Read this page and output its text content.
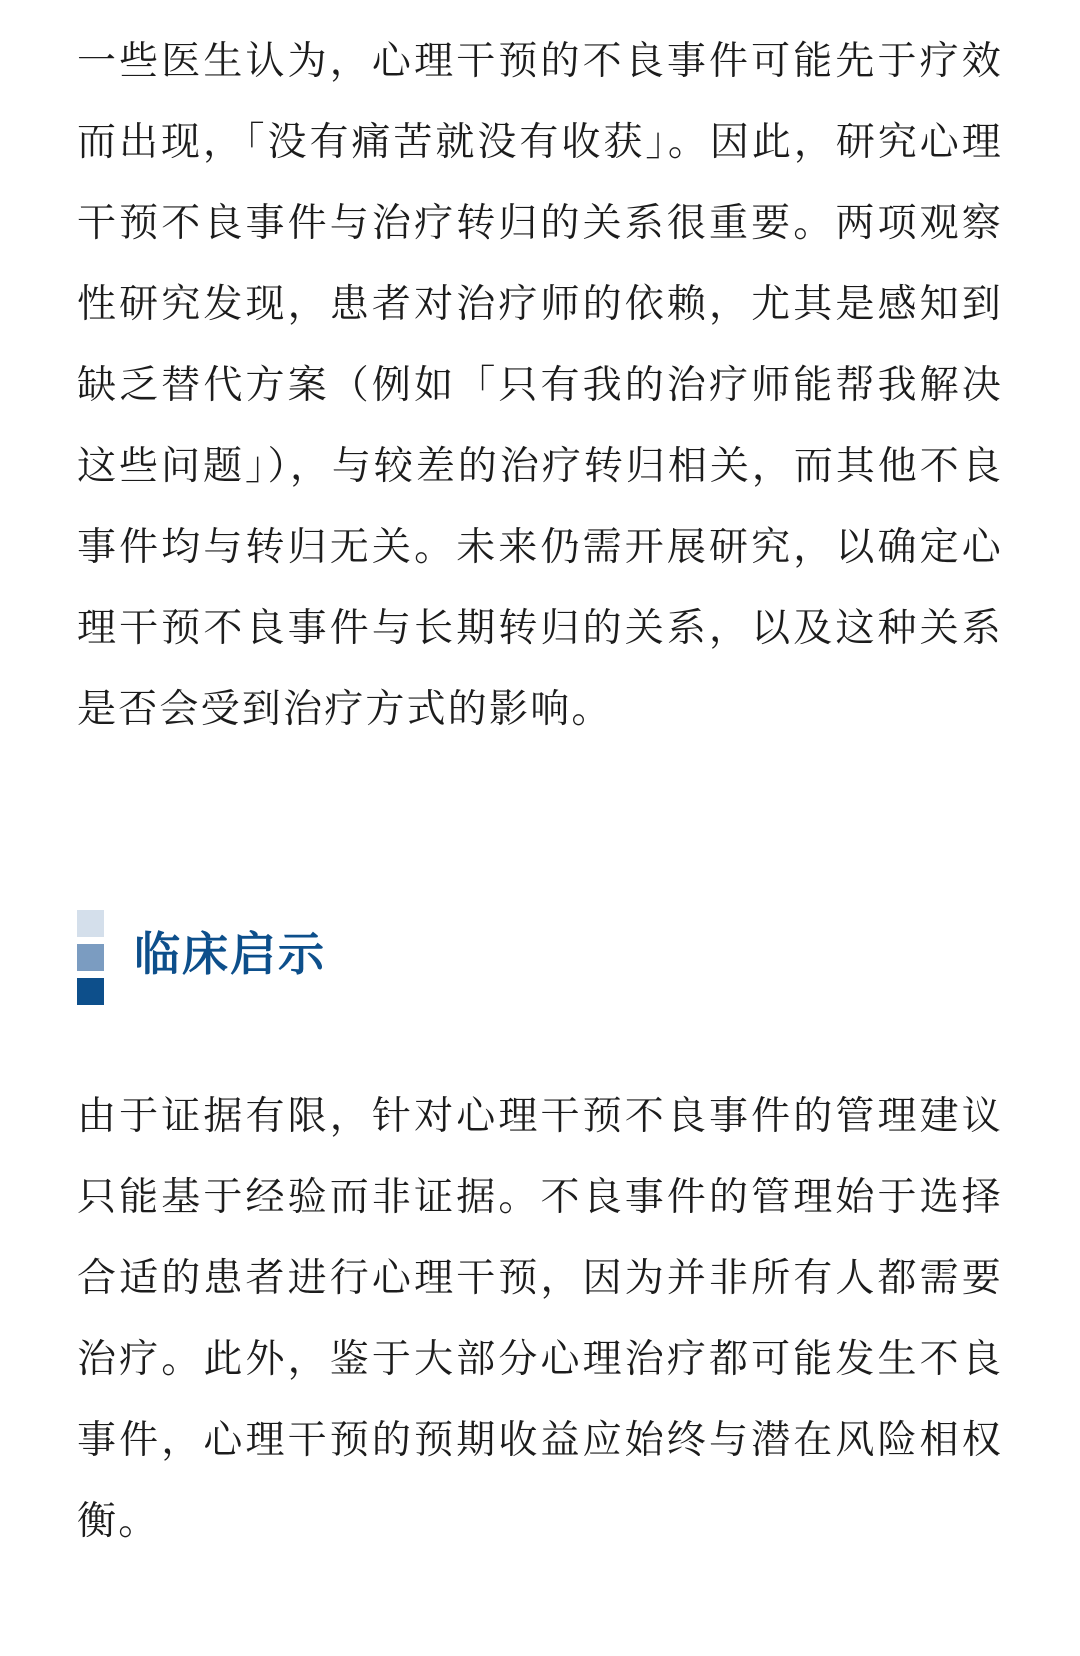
一些医生认为，心理干预的不良事件可能先于疗效而出现，「没有痛苦就没有收获」。因此，研究心理干预不良事件与治疗转归的关系很重要。两项观察性研究发现，患者对治疗师的依赖，尤其是感知到缺乏替代方案（例如「只有我的治疗师能帮我解决这些问题」），与较差的治疗转归相关，而其他不良事件均与转归无关。未来仍需开展研究，以确定心理干预不良事件与长期转归的关系，以及这种关系是否会受到治疗方式的影响。

临床启示

由于证据有限，针对心理干预不良事件的管理建议只能基于经验而非证据。不良事件的管理始于选择合适的患者进行心理干预，因为并非所有人都需要治疗。此外，鉴于大部分心理治疗都可能发生不良事件，心理干预的预期收益应始终与潜在风险相权衡。
